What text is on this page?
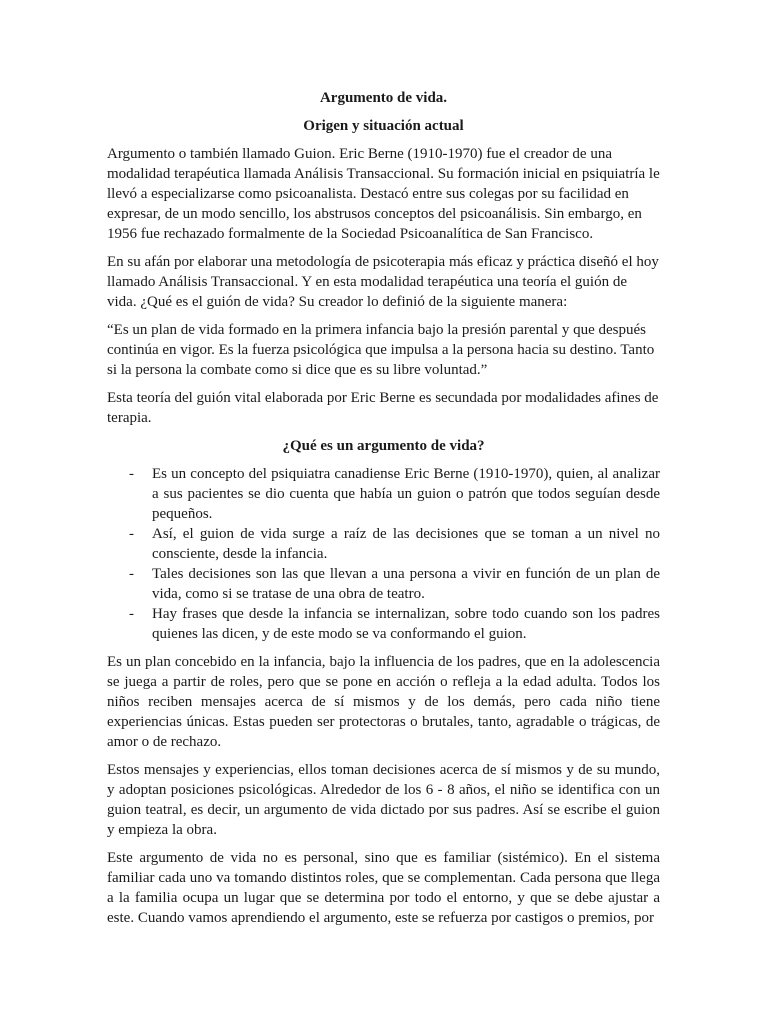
Argumento de vida.
Origen y situación actual

Argumento o también llamado Guion. Eric Berne (1910-1970) fue el creador de una modalidad terapéutica llamada Análisis Transaccional. Su formación inicial en psiquiatría le llevó a especializarse como psicoanalista. Destacó entre sus colegas por su facilidad en expresar, de un modo sencillo, los abstrusos conceptos del psicoanálisis. Sin embargo, en 1956 fue rechazado formalmente de la Sociedad Psicoanalítica de San Francisco.

En su afán por elaborar una metodología de psicoterapia más eficaz y práctica diseñó el hoy llamado Análisis Transaccional. Y en esta modalidad terapéutica una teoría el guión de vida. ¿Qué es el guión de vida? Su creador lo definió de la siguiente manera:

“Es un plan de vida formado en la primera infancia bajo la presión parental y que después continúa en vigor. Es la fuerza psicológica que impulsa a la persona hacia su destino. Tanto si la persona la combate como si dice que es su libre voluntad.”

Esta teoría del guión vital elaborada por Eric Berne es secundada por modalidades afines de terapia.

¿Qué es un argumento de vida?
- Es un concepto del psiquiatra canadiense Eric Berne (1910-1970), quien, al analizar a sus pacientes se dio cuenta que había un guion o patrón que todos seguían desde pequeños.
- Así, el guion de vida surge a raíz de las decisiones que se toman a un nivel no consciente, desde la infancia.
- Tales decisiones son las que llevan a una persona a vivir en función de un plan de vida, como si se tratase de una obra de teatro.
- Hay frases que desde la infancia se internalizan, sobre todo cuando son los padres quienes las dicen, y de este modo se va conformando el guion.

Es un plan concebido en la infancia, bajo la influencia de los padres, que en la adolescencia se juega a partir de roles, pero que se pone en acción o refleja a la edad adulta. Todos los niños reciben mensajes acerca de sí mismos y de los demás, pero cada niño tiene experiencias únicas. Estas pueden ser protectoras o brutales, tanto, agradable o trágicas, de amor o de rechazo.

Estos mensajes y experiencias, ellos toman decisiones acerca de sí mismos y de su mundo, y adoptan posiciones psicológicas. Alrededor de los 6 - 8 años, el niño se identifica con un guion teatral, es decir, un argumento de vida dictado por sus padres. Así se escribe el guion y empieza la obra.

Este argumento de vida no es personal, sino que es familiar (sistémico). En el sistema familiar cada uno va tomando distintos roles, que se complementan. Cada persona que llega a la familia ocupa un lugar que se determina por todo el entorno, y que se debe ajustar a este. Cuando vamos aprendiendo el argumento, este se refuerza por castigos o premios, por
